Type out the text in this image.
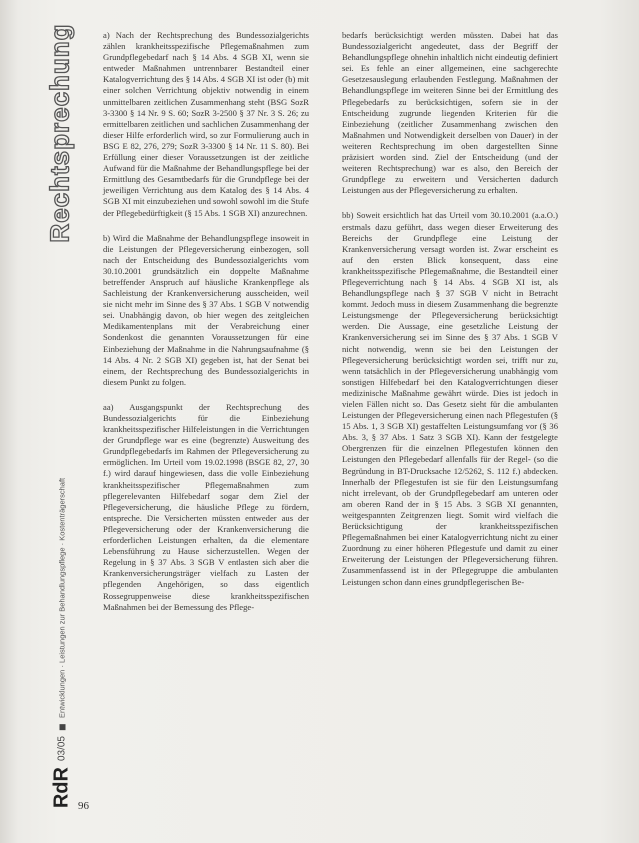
Rechtsprechung	a) Nach der Rechtsprechung des Bundessozialgerichts zählen krankheitsspezifische Pflegemaßnahmen zum Grundpflegebedarf nach § 14 Abs. 4 SGB XI, wenn sie entweder Maßnahmen untrennbarer Bestandteil einer Katalogverrichtung des § 14 Abs. 4 SGB XI ist oder (b) mit einer solchen Verrichtung objektiv notwendig in einem unmittelbaren zeitlichen Zusammenhang steht (BSG SozR 3-3300 § 14 Nr. 9 S. 60; SozR 3-2500 § 37 Nr. 3 S. 26; zu ermittelbaren zeitlichen und sachlichen Zusammenhang der dieser Hilfe erforderlich wird, so zur Formulierung auch in BSG E 82, 276, 279; SozR 3-3300 § 14 Nr. 11 S. 80). Bei Erfüllung einer dieser Voraussetzungen ist der zeitliche Aufwand für die Maßnahme der Behandlungspflege bei der Ermittlung des Gesamtbedarfs für die Grundpflege bei der jeweiligen Verrichtung aus dem Katalog des § 14 Abs. 4 SGB XI mit einzubeziehen und sowohl sowohl im die Stufe der Pflegebedürftigkeit (§ 15 Abs. 1 SGB XI) anzurechnen.

b) Wird die Maßnahme der Behandlungspflege insoweit in die Leistungen der Pflegeversicherung einbezogen, soll nach der Entscheidung des Bundessozialgerichts vom 30.10.2001 grundsätzlich ein doppelte Maßnahme betreffender Anspruch auf häusliche Krankenpflege als Sachleistung der Krankenversicherung ausscheiden, weil sie nicht mehr im Sinne des § 37 Abs. 1 SGB V notwendig sei. Unabhängig davon, ob hier wegen des zeitgleichen Medikamentenplans mit der Verabreichung einer Sondenkost die genannten Voraussetzungen für eine Einbeziehung der Maßnahme in die Nahrungsaufnahme (§ 14 Abs. 4 Nr. 2 SGB XI) gegeben ist, hat der Senat bei einem, der Rechtsprechung des Bundessozialgerichts in diesem Punkt zu folgen.

aa) Ausgangspunkt der Rechtsprechung des Bundessozialgerichts für die Einbeziehung krankheitsspezifischer Hilfeleistungen in die Verrichtungen der Grundpflege war es eine (begrenzte) Ausweitung des Grundpflegebedarfs im Rahmen der Pflegeversicherung zu ermöglichen. Im Urteil vom 19.02.1998 (BSGE 82, 27, 30 f.) wird darauf hingewiesen, dass die volle Einbeziehung krankheitsspezifischer Pflegemaßnahmen zum pflegerelevanten Hilfebedarf sogar dem Ziel der Pflegeversicherung, die häusliche Pflege zu fördern, entspreche. Die Versicherten müssten entweder aus der Pflegeversicherung oder der Krankenversicherung die erforderlichen Leistungen erhalten, da die elementare Lebensführung zu Hause sicherzustellen. Wegen der Regelung in § 37 Abs. 3 SGB V entlasten sich aber die Krankenversicherungsträger vielfach zu Lasten der pflegenden Angehörigen, so dass eigentlich Rossegruppenweise diese krankheitsspezifischen Maßnahmen bei der Bemessung des Pflege-

bedarfs berücksichtigt werden müssten. Dabei hat das Bundessozialgericht angedeutet, dass der Begriff der Behandlungspflege ohnehin inhaltlich nicht eindeutig definiert sei. Es fehle an einer allgemeinen, eine sachgerechte Gesetzesauslegung erlaubenden Festlegung. Maßnahmen der Behandlungspflege im weiteren Sinne bei der Ermittlung des Pflegebedarfs zu berücksichtigen, sofern sie in der Entscheidung zugrunde liegenden Kriterien für die Einbeziehung (zeitlicher Zusammenhang zwischen den Maßnahmen und Notwendigkeit derselben von Dauer) in der weiteren Rechtsprechung im oben dargestellten Sinne präzisiert worden sind. Ziel der Entscheidung (und der weiteren Rechtsprechung) war es also, den Bereich der Grundpflege zu erweitern und Versicherten dadurch Leistungen aus der Pflegeversicherung zu erhalten.

bb) Soweit ersichtlich hat das Urteil vom 30.10.2001 (a.a.O.) erstmals dazu geführt, dass wegen dieser Erweiterung des Bereichs der Grundpflege eine Leistung der Krankenversicherung versagt worden ist. Zwar erscheint es auf den ersten Blick konsequent, dass eine krankheitsspezifische Pflegemaßnahme, die Bestandteil einer Pflegeverrichtung nach § 14 Abs. 4 SGB XI ist, als Behandlungspflege nach § 37 SGB V nicht in Betracht kommt. Jedoch muss in diesem Zusammenhang die begrenzte Leistungsmenge der Pflegeversicherung berücksichtigt werden. Die Aussage, eine gesetzliche Leistung der Krankenversicherung sei im Sinne des § 37 Abs. 1 SGB V nicht notwendig, wenn sie bei den Leistungen der Pflegeversicherung berücksichtigt worden sei, trifft nur zu, wenn tatsächlich in der Pflegeversicherung unabhängig vom sonstigen Hilfebedarf bei den Katalogverrichtungen dieser medizinische Maßnahme gewährt würde. Dies ist jedoch in vielen Fällen nicht so. Das Gesetz sieht für die ambulanten Leistungen der Pflegeversicherung einen nach Pflegestufen (§ 15 Abs. 1, 3 SGB XI) gestaffelten Leistungsumfang vor (§ 36 Abs. 3, § 37 Abs. 1 Satz 3 SGB XI). Kann der festgelegte Obergrenzen für die einzelnen Pflegestufen können den Leistungen den Pflegebedarf allenfalls für der Regel- (so die Begründung in BT-Drucksache 12/5262, S. 112 f.) abdecken. Innerhalb der Pflegestufen ist sie für den Leistungsumfang nicht irrelevant, ob der Grundpflegebedarf am unteren oder am oberen Rand der in § 15 Abs. 3 SGB XI genannten, weitgespannten Zeitgrenzen liegt. Somit wird vielfach die Berücksichtigung der krankheitsspezifischen Pflegemaßnahmen bei einer Katalogverrichtung nicht zu einer Zuordnung zu einer höheren Pflegestufe und damit zu einer Erweiterung der Leistungen der Pflegeversicherung führen. Zusammenfassend ist in der Pflegegruppe die ambulanten Leistungen schon dann eines grundpflegerischen Be-

RdR
03/05
Entwicklungen · Leistungen zur Behandlungspflege · Kostenträgerschaft
96
